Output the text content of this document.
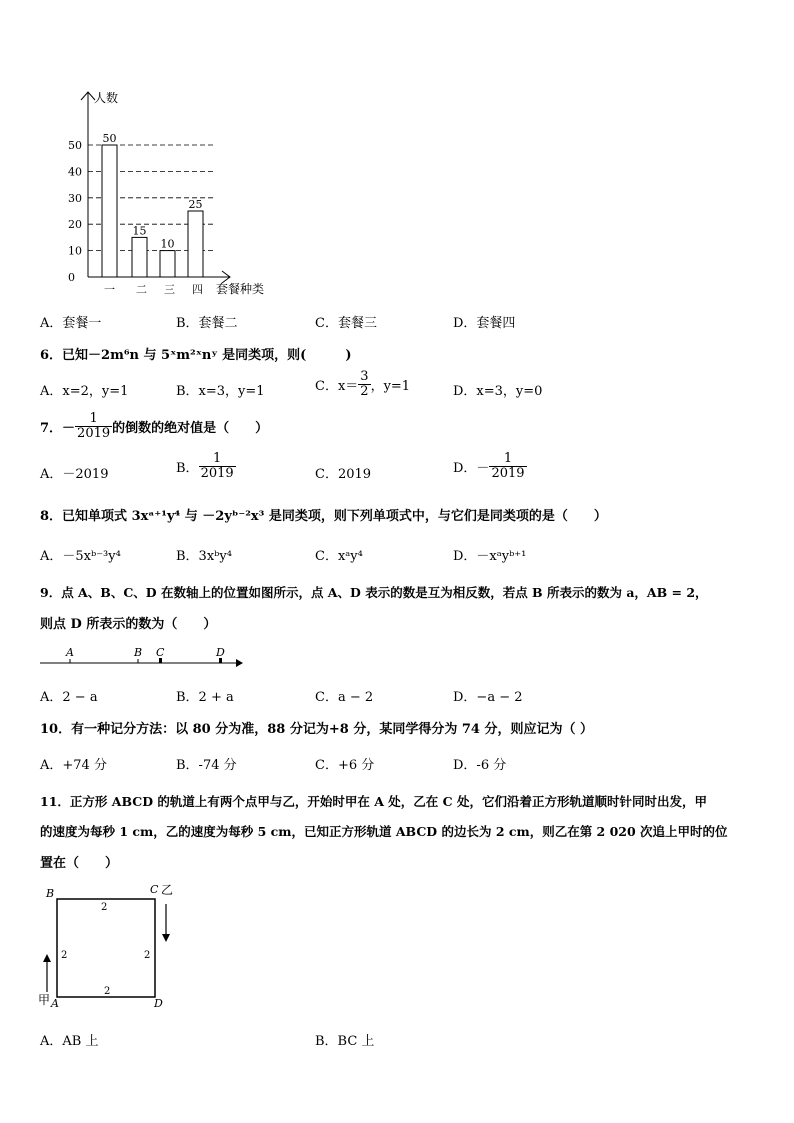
0
10
20
30
40
50
50
一
15
二
10
三
25
四
人数
套餐种类
A．套餐一	B．套餐二	C．套餐三	D．套餐四
6．已知－2m⁶n 与 5ˣm²ˣnʸ 是同类项，则(　　　)
A．x=2，y=1	B．x=3，y=1	C．$x= \frac{3}{2}$ ，y=1	D．x=3，y=0
7．－ $\frac{1}{2019}$ 的倒数的绝对值是（　　）
A．－2019	B． $\frac{1}{2019}$	C．2019	D．－ $\frac{1}{2019}$
8．已知单项式 3xᵃ⁺¹y⁴ 与 －2yᵇ⁻²x³ 是同类项，则下列单项式中，与它们是同类项的是（　　）
A．－5xᵇ⁻³y⁴	B．3xᵇy⁴	C．xᵃy⁴	D．－xᵃyᵇ⁺¹
9．点 A、B、C、D 在数轴上的位置如图所示，点 A、D 表示的数是互为相反数，若点 B 所表示的数为 a，AB = 2，
则点 D 所表示的数为（　　）
A	B C	D
A．2 − a	B．2 + a	C．a − 2	D．−a − 2
10．有一种记分方法：以 80 分为准，88 分记为+8 分，某同学得分为 74 分，则应记为（ ）
A．+74 分	B．-74 分	C．+6 分	D．-6 分
11．正方形 ABCD 的轨道上有两个点甲与乙，开始时甲在 A 处，乙在 C 处，它们沿着正方形轨道顺时针同时出发，甲
的速度为每秒 1 cm，乙的速度为每秒 5 cm，已知正方形轨道 ABCD 的边长为 2 cm，则乙在第 2 020 次追上甲时的位
置在（　　）
B	C 乙
A
甲	D
2
2	2
2
A．AB 上	B．BC 上
